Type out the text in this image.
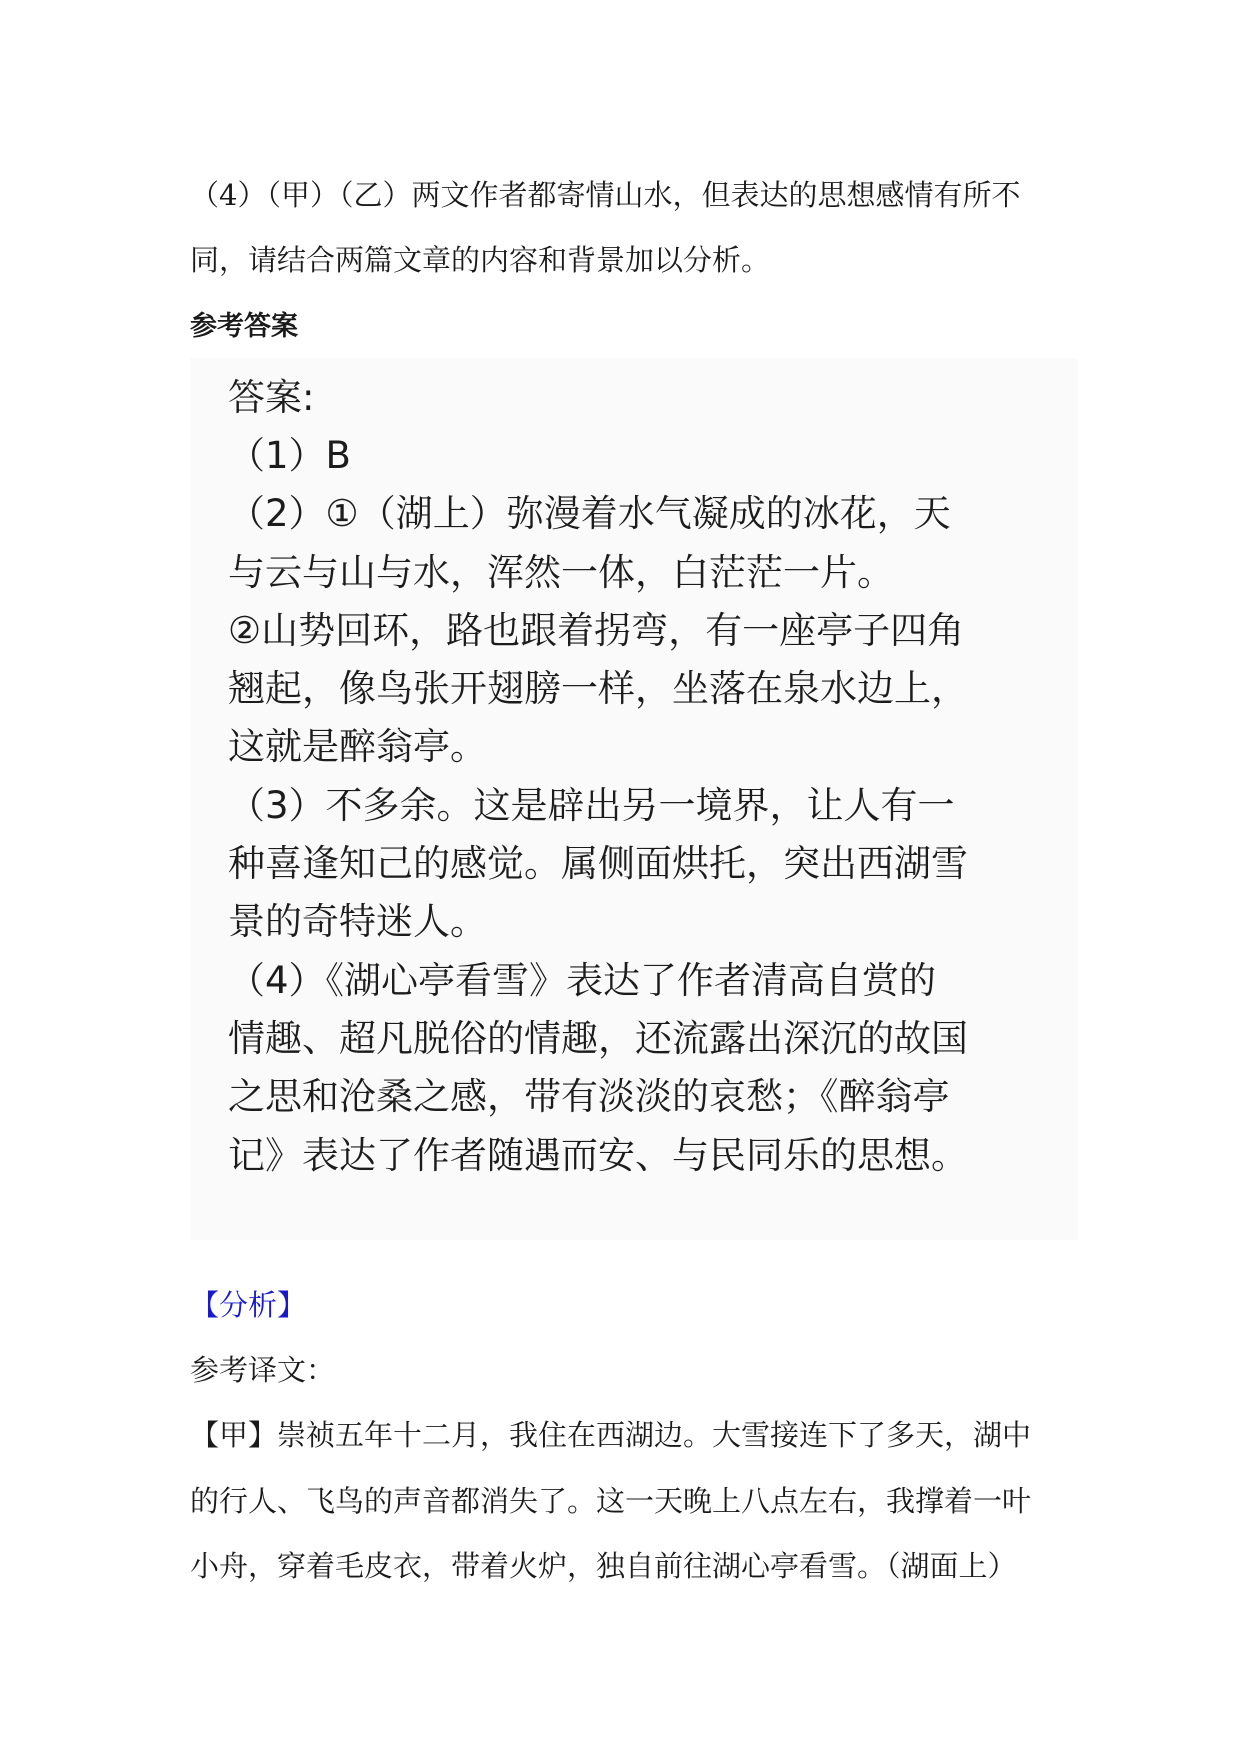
（4）（甲）（乙）两文作者都寄情山水，但表达的思想感情有所不
同，请结合两篇文章的内容和背景加以分析。
参考答案
答案:
（1）B
（2）①（湖上）弥漫着水气凝成的冰花，天
与云与山与水，浑然一体，白茫茫一片。
②山势回环，路也跟着拐弯，有一座亭子四角
翘起，像鸟张开翅膀一样，坐落在泉水边上，
这就是醉翁亭。
（3）不多余。这是辟出另一境界，让人有一
种喜逢知己的感觉。属侧面烘托，突出西湖雪
景的奇特迷人。
（4）《湖心亭看雪》表达了作者清高自赏的
情趣、超凡脱俗的情趣，还流露出深沉的故国
之思和沧桑之感，带有淡淡的哀愁；《醉翁亭
记》表达了作者随遇而安、与民同乐的思想。
【分析】
参考译文：
【甲】崇祯五年十二月，我住在西湖边。大雪接连下了多天，湖中
的行人、飞鸟的声音都消失了。这一天晚上八点左右，我撑着一叶
小舟，穿着毛皮衣，带着火炉，独自前往湖心亭看雪。（湖面上）
